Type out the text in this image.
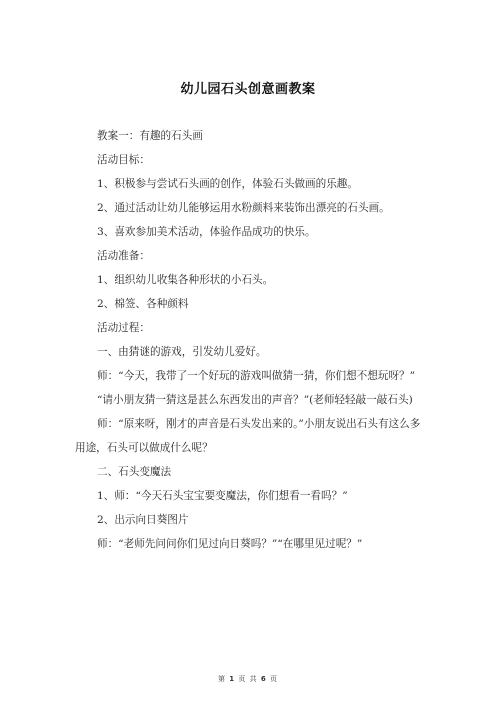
幼儿园石头创意画教案

教案一：有趣的石头画

活动目标：

1、积极参与尝试石头画的创作，体验石头做画的乐趣。

2、通过活动让幼儿能够运用水粉颜料来装饰出漂亮的石头画。

3、喜欢参加美术活动，体验作品成功的快乐。

活动准备：

1、组织幼儿收集各种形状的小石头。

2、棉签、各种颜料

活动过程：

一、由猜谜的游戏，引发幼儿爱好。

师：“今天，我带了一个好玩的游戏叫做猜一猜，你们想不想玩呀？”

“请小朋友猜一猜这是甚么东西发出的声音？”(老师轻轻敲一敲石头)

师：“原来呀，刚才的声音是石头发出来的。”小朋友说出石头有这么多用途，石头可以做成什么呢？

二、石头变魔法

1、师：“今天石头宝宝要变魔法，你们想看一看吗？”

2、出示向日葵图片

师：“老师先问问你们见过向日葵吗？”“在哪里见过呢？”

第 1 页 共 6 页
